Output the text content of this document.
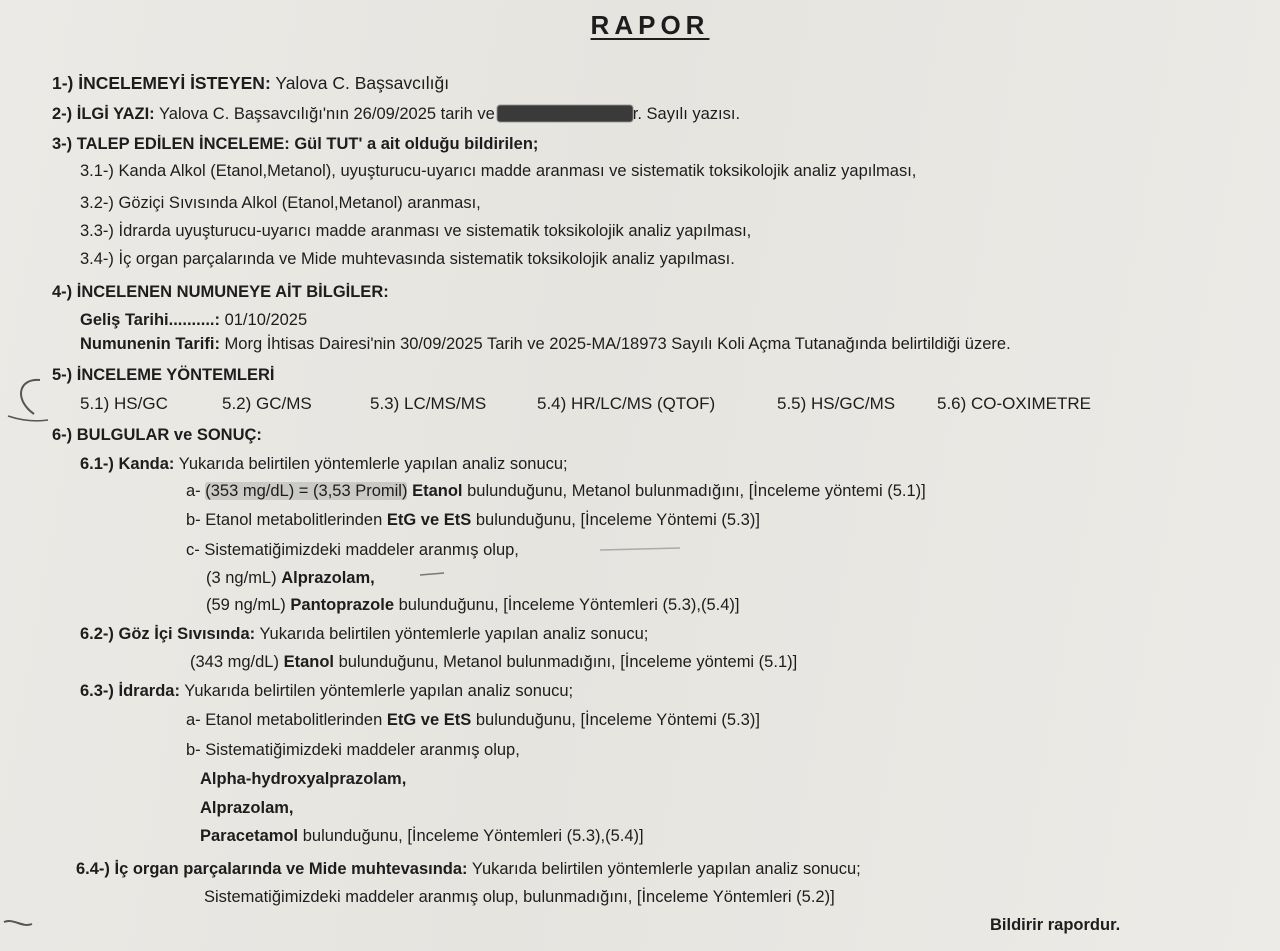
RAPOR
1-) İNCELEMEYİ İSTEYEN: Yalova C. Başsavcılığı
2-) İLGİ YAZI: Yalova C. Başsavcılığı'nın 26/09/2025 tarih ve	r. Sayılı yazısı.
3-) TALEP EDİLEN İNCELEME: Gül TUT' a ait olduğu bildirilen;
3.1-) Kanda Alkol (Etanol,Metanol), uyuşturucu-uyarıcı madde aranması ve sistematik toksikolojik analiz yapılması,
3.2-) Göziçi Sıvısında Alkol (Etanol,Metanol) aranması,
3.3-) İdrarda uyuşturucu-uyarıcı madde aranması ve sistematik toksikolojik analiz yapılması,
3.4-) İç organ parçalarında ve Mide muhtevasında sistematik toksikolojik analiz yapılması.
4-) İNCELENEN NUMUNEYE AİT BİLGİLER:
Geliş Tarihi..........: 01/10/2025
Numunenin Tarifi: Morg İhtisas Dairesi'nin 30/09/2025 Tarih ve 2025-MA/18973 Sayılı Koli Açma Tutanağında belirtildiği üzere.
5-) İNCELEME YÖNTEMLERİ
5.1) HS/GC	5.2) GC/MS	5.3) LC/MS/MS	5.4) HR/LC/MS (QTOF)	5.5) HS/GC/MS 5.6) CO-OXIMETRE
6-) BULGULAR ve SONUÇ:
6.1-) Kanda: Yukarıda belirtilen yöntemlerle yapılan analiz sonucu;
a- (353 mg/dL) = (3,53 Promil) Etanol bulunduğunu, Metanol bulunmadığını, [İnceleme yöntemi (5.1)]
b- Etanol metabolitlerinden EtG ve EtS bulunduğunu, [İnceleme Yöntemi (5.3)]
c- Sistematiğimizdeki maddeler aranmış olup,
(3 ng/mL) Alprazolam,
(59 ng/mL) Pantoprazole bulunduğunu, [İnceleme Yöntemleri (5.3),(5.4)]
6.2-) Göz İçi Sıvısında: Yukarıda belirtilen yöntemlerle yapılan analiz sonucu;
(343 mg/dL) Etanol bulunduğunu, Metanol bulunmadığını, [İnceleme yöntemi (5.1)]
6.3-) İdrarda: Yukarıda belirtilen yöntemlerle yapılan analiz sonucu;
a- Etanol metabolitlerinden EtG ve EtS bulunduğunu, [İnceleme Yöntemi (5.3)]
b- Sistematiğimizdeki maddeler aranmış olup,
Alpha-hydroxyalprazolam,
Alprazolam,
Paracetamol bulunduğunu, [İnceleme Yöntemleri (5.3),(5.4)]
6.4-) İç organ parçalarında ve Mide muhtevasında: Yukarıda belirtilen yöntemlerle yapılan analiz sonucu;
Sistematiğimizdeki maddeler aranmış olup, bulunmadığını, [İnceleme Yöntemleri (5.2)]
Bildirir rapordur.
